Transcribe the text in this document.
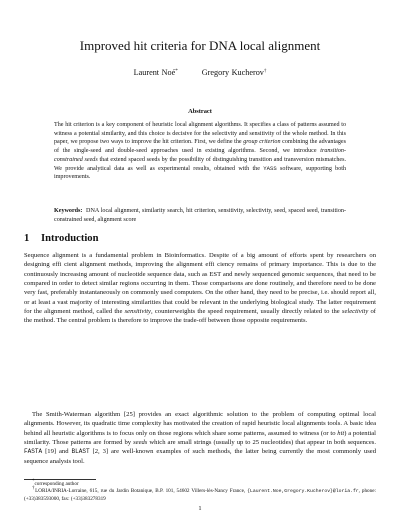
Improved hit criteria for DNA local alignment
Laurent Noé*	Gregory Kucherov†
Abstract

The hit criterion is a key component of heuristic local alignment algorithms. It specifies a class of patterns assumed to witness a potential similarity, and this choice is decisive for the selectivity and sensitivity of the whole method. In this paper, we propose two ways to improve the hit criterion. First, we define the group criterion combining the advantages of the single-seed and double-seed approaches used in existing algorithms. Second, we introduce transition-constrained seeds that extend spaced seeds by the possibility of distinguishing transition and transversion mismatches. We provide analytical data as well as experimental results, obtained with the YASS software, supporting both improvements.

Keywords: DNA local alignment, similarity search, hit criterion, sensitivity, selectivity, seed, spaced seed, transition-constrained seed, alignment score

1 Introduction

Sequence alignment is a fundamental problem in Bioinformatics. Despite of a big amount of efforts spent by researchers on designing effi cient alignment methods, improving the alignment effi ciency remains of primary importance. This is due to the continuously increasing amount of nucleotide sequence data, such as EST and newly sequenced genomic sequences, that need to be compared in order to detect similar regions occurring in them. Those comparisons are done routinely, and therefore need to be done very fast, preferably instantaneously on commonly used computers. On the other hand, they need to be precise, i.e. should report all, or at least a vast majority of interesting similarities that could be relevant in the underlying biological study. The latter requirement for the alignment method, called the sensitivity, counterweights the speed requirement, usually directly related to the selectivity of the method. The central problem is therefore to improve the trade-off between those opposite requirements.

The Smith-Waterman algorithm [25] provides an exact algorithmic solution to the problem of computing optimal local alignments. However, its quadratic time complexity has motivated the creation of rapid heuristic local alignments tools. A basic idea behind all heuristic algorithms is to focus only on those regions which share some patterns, assumed to witness (or to hit) a potential similarity. Those patterns are formed by seeds which are small strings (usually up to 25 nucleotides) that appear in both sequences. FASTA [19] and BLAST [2, 3] are well-known examples of such methods, the latter being currently the most commonly used sequence analysis tool.

*corresponding author

†LORIA/INRIA-Lorraine, 615, rue du Jardin Botanique, B.P. 101, 54602 Villers-lès-Nancy France, {Laurent.Noe,Gregory.Kucherov}@loria.fr, phone: (+33)383593000, fax: (+33)383278319

1
